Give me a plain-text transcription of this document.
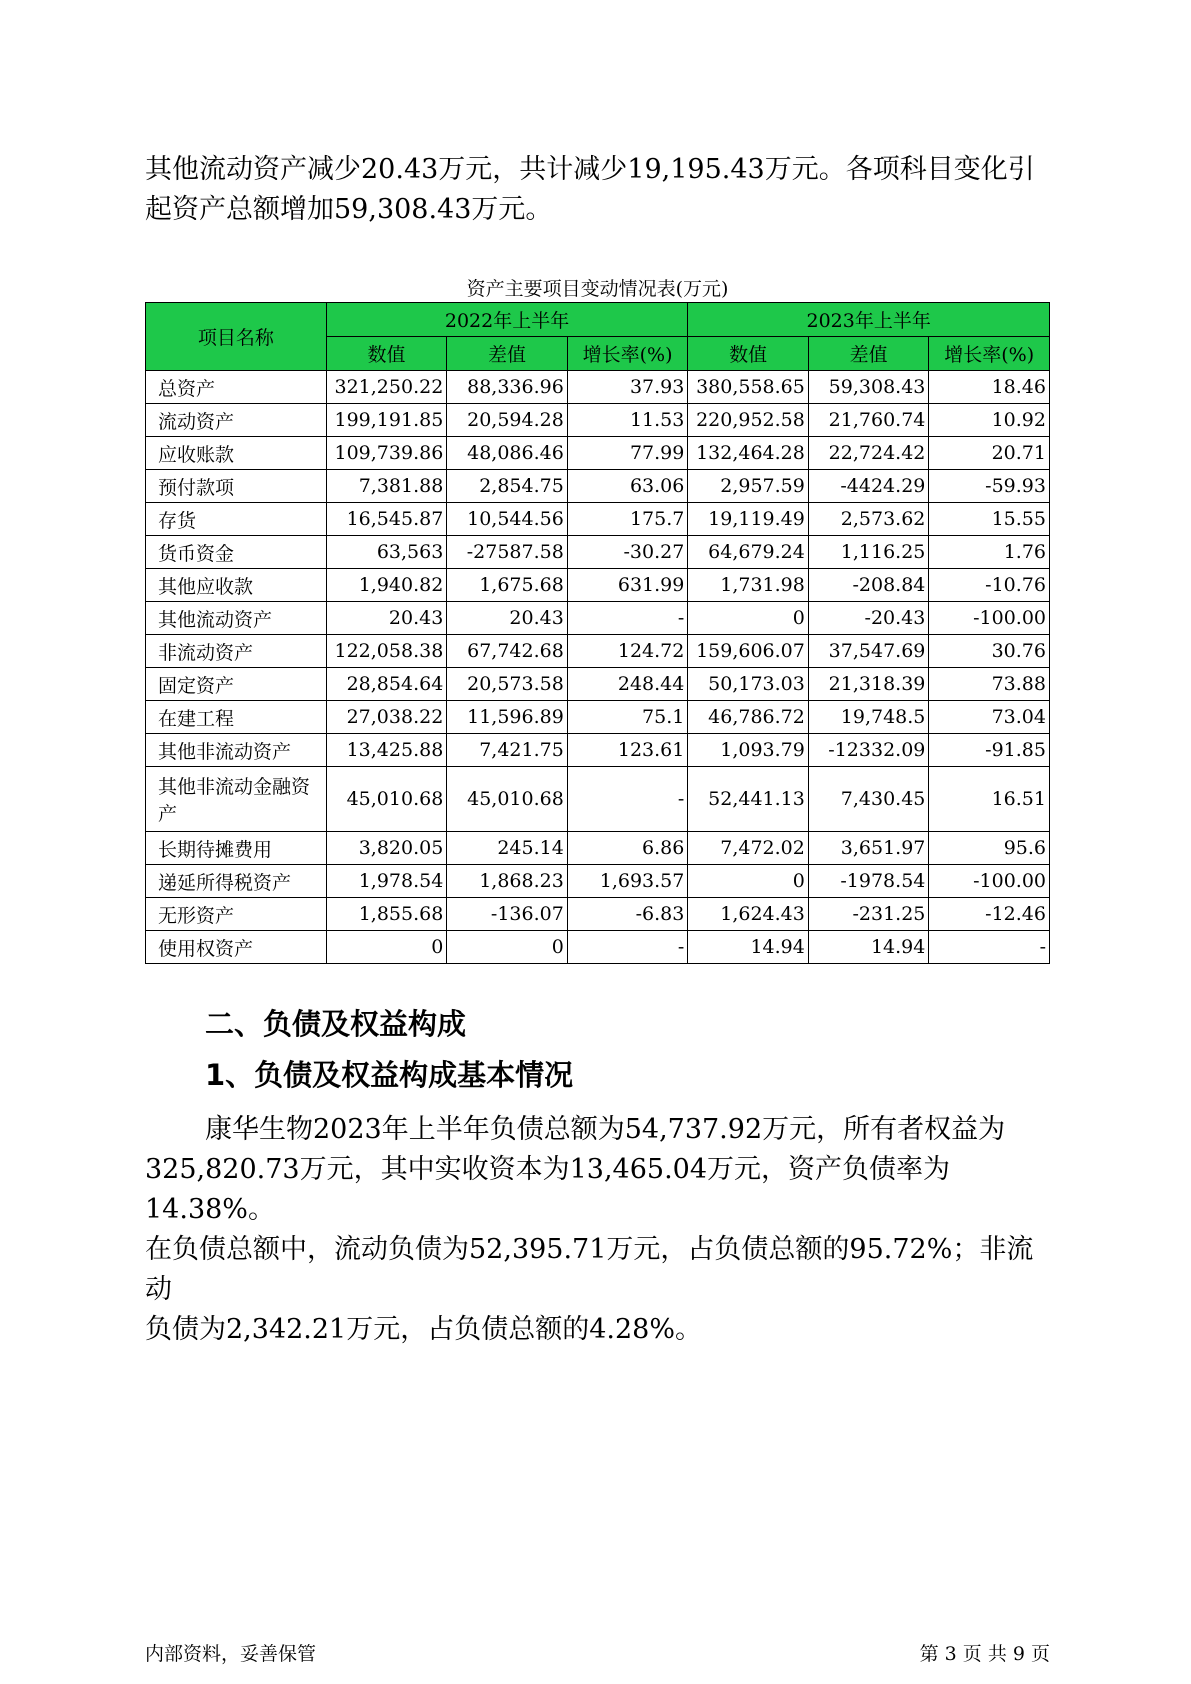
其他流动资产减少20.43万元，共计减少19,195.43万元。各项科目变化引

起资产总额增加59,308.43万元。

资产主要项目变动情况表(万元)
项目名称	2022年上半年			2023年上半年		
	数值	差值	增长率(%)	数值	差值	增长率(%)
总资产	321,250.22	88,336.96	37.93	380,558.65	59,308.43	18.46
流动资产	199,191.85	20,594.28	11.53	220,952.58	21,760.74	10.92
应收账款	109,739.86	48,086.46	77.99	132,464.28	22,724.42	20.71
预付款项	7,381.88	2,854.75	63.06	2,957.59	-4424.29	-59.93
存货	16,545.87	10,544.56	175.7	19,119.49	2,573.62	15.55
货币资金	63,563	-27587.58	-30.27	64,679.24	1,116.25	1.76
其他应收款	1,940.82	1,675.68	631.99	1,731.98	-208.84	-10.76
其他流动资产	20.43	20.43	-	0	-20.43	-100.00
非流动资产	122,058.38	67,742.68	124.72	159,606.07	37,547.69	30.76
固定资产	28,854.64	20,573.58	248.44	50,173.03	21,318.39	73.88
在建工程	27,038.22	11,596.89	75.1	46,786.72	19,748.5	73.04
其他非流动资产	13,425.88	7,421.75	123.61	1,093.79	-12332.09	-91.85
其他非流动金融资产	45,010.68	45,010.68	-	52,441.13	7,430.45	16.51
长期待摊费用	3,820.05	245.14	6.86	7,472.02	3,651.97	95.6
递延所得税资产	1,978.54	1,868.23	1,693.57	0	-1978.54	-100.00
无形资产	1,855.68	-136.07	-6.83	1,624.43	-231.25	-12.46
使用权资产	0	0	-	14.94	14.94	-
二、负债及权益构成
1、负债及权益构成基本情况

康华生物2023年上半年负债总额为54,737.92万元，所有者权益为

325,820.73万元，其中实收资本为13,465.04万元，资产负债率为14.38%。

在负债总额中，流动负债为52,395.71万元，占负债总额的95.72%；非流动

负债为2,342.21万元，占负债总额的4.28%。

内部资料，妥善保管	第 3 页 共 9 页
